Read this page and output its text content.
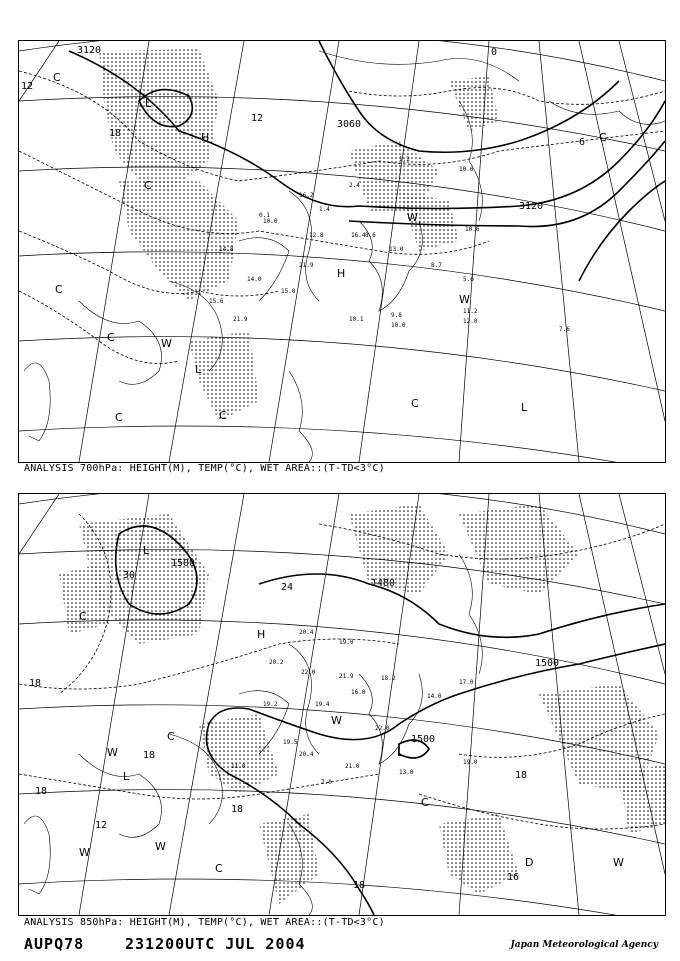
3120
3060
3120
12
18
0
6
12
C
C
C
C
C	C
C
C
L
L
L
H
H
W
W
W
10.6
1.2
2.4
16.2
1.4
0.1
12.8	16.4
21.9
11.2
12.0
10.6
14.0
8.6
13.0
9.8
10.0
7.6
14.8
10.1
15.6
8.7
15.0
10.0
5.6
21.9
ANALYSIS 700hPa: HEIGHT(M), TEMP(°C), WET AREA::(T-TD<3°C)
1500
1500
1500
1480
30
24
18
18
18
18
16
18
18
12
L
L
L
C
C
C
C
W
W
W
W
W
D
H	20.4
19.0
20.2
22.0
21.9	18.2
19.4
16.0
14.0
19.2
17.0
19.5
20.4
21.0
19.0
22.0
11.0
13.0
7.0
ANALYSIS 850hPa: HEIGHT(M), TEMP(°C), WET AREA::(T-TD<3°C)
AUPQ78	231200UTC JUL 2004	Japan Meteorological Agency
